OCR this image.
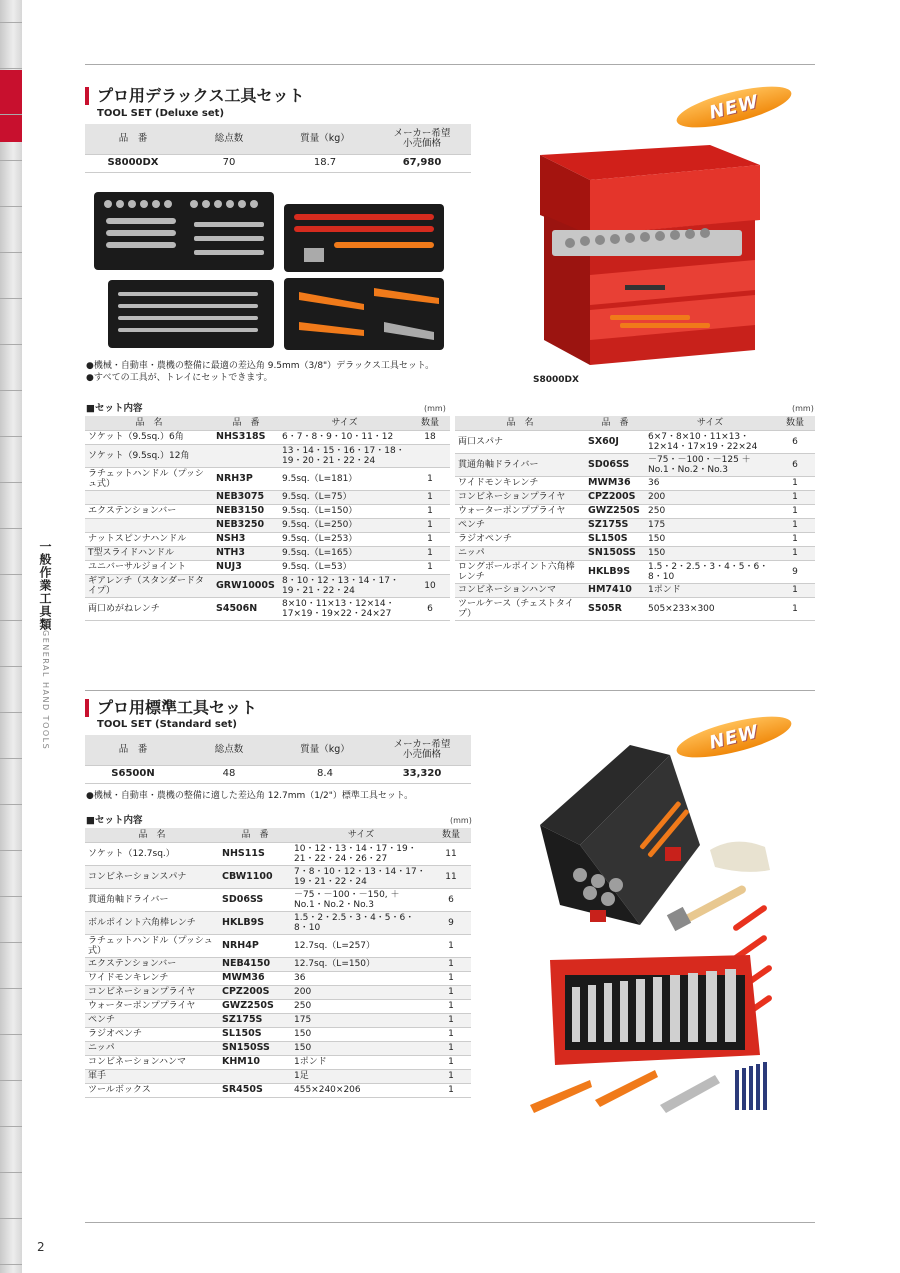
一般作業工具類
GENERAL HAND TOOLS
2
プロ用デラックス工具セット
TOOL SET (Deluxe set)
品　番	総点数	質量（kg）	メーカー希望
小売価格
S8000DX	70	18.7	67,980
●機械・自動車・農機の整備に最適の差込角 9.5mm（3/8"）デラックス工具セット。
●すべての工具が、トレイにセットできます。
NEW
S8000DX
■セット内容	(mm)	(mm)
品　名	品　番	サイズ	数量
ソケット（9.5sq.）6角	NHS318S	6・7・8・9・10・11・12	18
ソケット（9.5sq.）12角		13・14・15・16・17・18・19・20・21・22・24	
ラチェットハンドル（プッシュ式）	NRH3P	9.5sq.（L=181）	1
	NEB3075	9.5sq.（L=75）	1
エクステンションバー	NEB3150	9.5sq.（L=150）	1
	NEB3250	9.5sq.（L=250）	1
ナットスピンナハンドル	NSH3	9.5sq.（L=253）	1
T型スライドハンドル	NTH3	9.5sq.（L=165）	1
ユニバーサルジョイント	NUJ3	9.5sq.（L=53）	1
ギアレンチ（スタンダードタイプ）	GRW1000S	8・10・12・13・14・17・19・21・22・24	10
両口めがねレンチ	S4506N	8×10・11×13・12×14・17×19・19×22・24×27	6
品　名	品　番	サイズ	数量
両口スパナ	SX60J	6×7・8×10・11×13・12×14・17×19・22×24	6
貫通角軸ドライバー	SD06SS	－75・－100・－125 ＋No.1・No.2・No.3	6
ワイドモンキレンチ	MWM36	36	1
コンビネーションプライヤ	CPZ200S	200	1
ウォーターポンププライヤ	GWZ250S	250	1
ペンチ	SZ175S	175	1
ラジオペンチ	SL150S	150	1
ニッパ	SN150SS	150	1
ロングボールポイント六角棒レンチ	HKLB9S	1.5・2・2.5・3・4・5・6・8・10	9
コンビネーションハンマ	HM7410	1ポンド	1
ツールケース（チェストタイプ）	S505R	505×233×300	1
プロ用標準工具セット
TOOL SET (Standard set)
品　番	総点数	質量（kg）	メーカー希望
小売価格
S6500N	48	8.4	33,320
●機械・自動車・農機の整備に適した差込角 12.7mm（1/2"）標準工具セット。
■セット内容	(mm)
品　名	品　番	サイズ	数量
ソケット（12.7sq.）	NHS11S	10・12・13・14・17・19・21・22・24・26・27	11
コンビネーションスパナ	CBW1100	7・8・10・12・13・14・17・19・21・22・24	11
貫通角軸ドライバー	SD06SS	－75・－100・－150, ＋No.1・No.2・No.3	6
ボルポイント六角棒レンチ	HKLB9S	1.5・2・2.5・3・4・5・6・8・10	9
ラチェットハンドル（プッシュ式）	NRH4P	12.7sq.（L=257）	1
エクステンションバー	NEB4150	12.7sq.（L=150）	1
ワイドモンキレンチ	MWM36	36	1
コンビネーションプライヤ	CPZ200S	200	1
ウォーターポンププライヤ	GWZ250S	250	1
ペンチ	SZ175S	175	1
ラジオペンチ	SL150S	150	1
ニッパ	SN150SS	150	1
コンビネーションハンマ	KHM10	1ポンド	1
軍手		1足	1
ツールボックス	SR450S	455×240×206	1
NEW
